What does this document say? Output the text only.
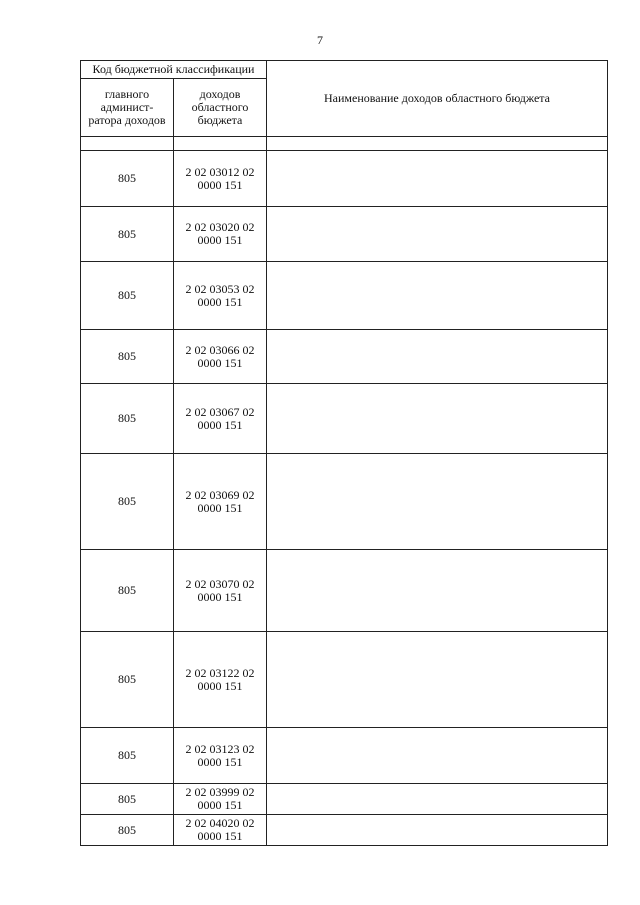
7
Код бюджетной классификации		Наименование доходов областного бюджета
главного админист-ратора доходов	доходов областного бюджета	

805	2 02 03012 02 0000 151	
805	2 02 03020 02 0000 151	
805	2 02 03053 02 0000 151	
805	2 02 03066 02 0000 151	
805	2 02 03067 02 0000 151	
805	2 02 03069 02 0000 151	
805	2 02 03070 02 0000 151	
805	2 02 03122 02 0000 151	
805	2 02 03123 02 0000 151	
805	2 02 03999 02 0000 151	
805	2 02 04020 02 0000 151	
